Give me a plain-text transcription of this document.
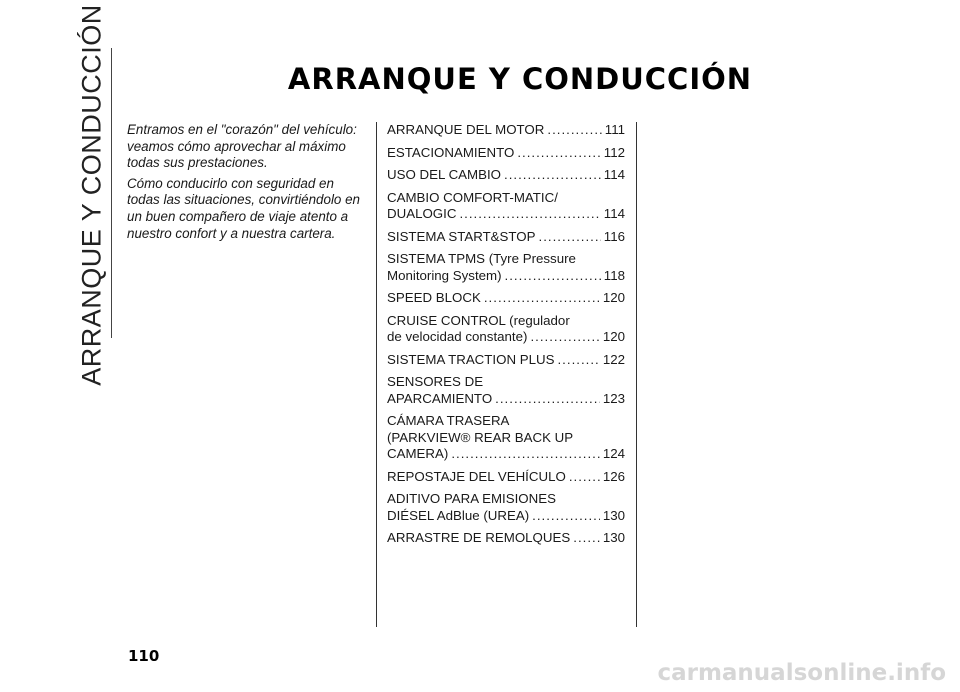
ARRANQUE Y CONDUCCIÓN	ARRANQUE Y CONDUCCIÓN

Entramos en el "corazón" del vehículo:
veamos cómo aprovechar al máximo
todas sus prestaciones.

Cómo conducirlo con seguridad en
todas las situaciones, convirtiéndolo en
un buen compañero de viaje atento a
nuestro confort y a nuestra cartera.

ARRANQUE DEL MOTOR .....	111
ESTACIONAMIENTO .....	112
USO DEL CAMBIO .....	114
CAMBIO COMFORT-MATIC/
DUALOGIC .....	114
SISTEMA START&STOP .....	116
SISTEMA TPMS (Tyre Pressure
Monitoring System) .....	118
SPEED BLOCK .....	120
CRUISE CONTROL (regulador
de velocidad constante) .....	120
SISTEMA TRACTION PLUS .....	122
SENSORES DE
APARCAMIENTO .....	123
CÁMARA TRASERA
(PARKVIEW® REAR BACK UP
CAMERA) .....	124
REPOSTAJE DEL VEHÍCULO .....	126
ADITIVO PARA EMISIONES
DIÉSEL AdBlue (UREA) .....	130
ARRASTRE DE REMOLQUES ..... 130
110
carmanualsonline.info
